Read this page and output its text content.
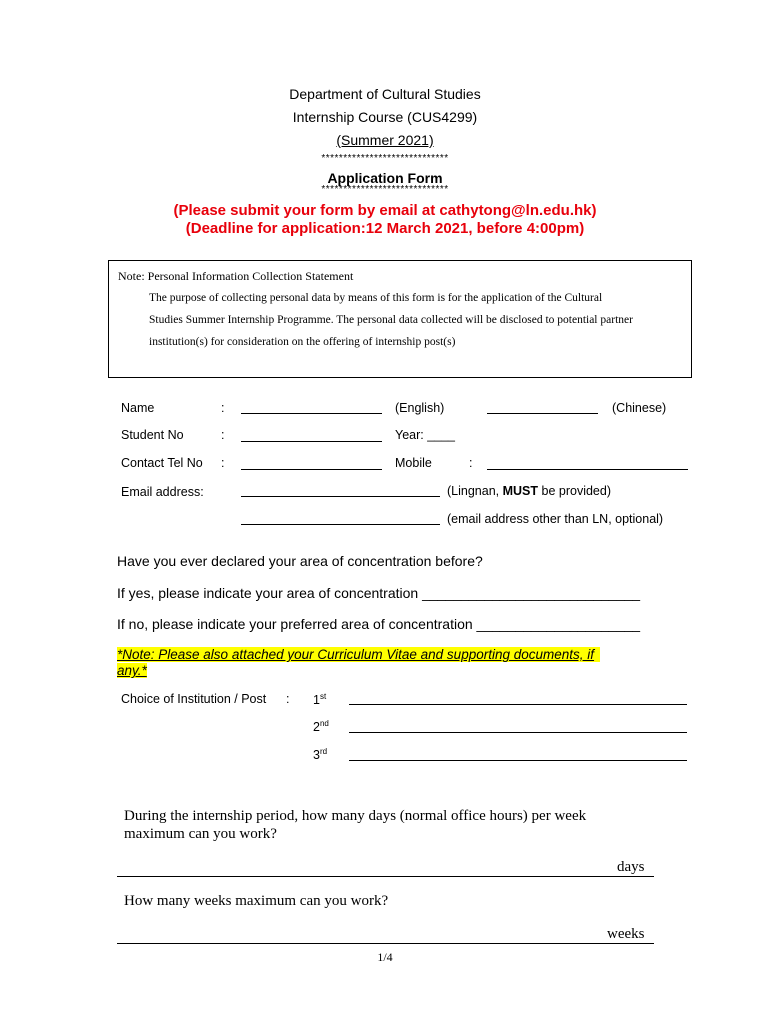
Department of Cultural Studies
Internship Course (CUS4299)
(Summer 2021)
*****************************
Application Form
*****************************
(Please submit your form by email at cathytong@ln.edu.hk)
(Deadline for application:12 March 2021, before 4:00pm)
Note: Personal Information Collection Statement
The purpose of collecting personal data by means of this form is for the application of the Cultural
Studies Summer Internship Programme. The personal data collected will be disclosed to potential partner
institution(s) for consideration on the offering of internship post(s)
Name	:	(English)	(Chinese)
Student No	:	Year: ____
Contact Tel No :	Mobile	:
Email address:	(Lingnan, MUST be provided)
(email address other than LN, optional)
Have you ever declared your area of concentration before?
If yes, please indicate your area of concentration ____________________________
If no, please indicate your preferred area of concentration _____________________
*Note: Please also attached your Curriculum Vitae and supporting documents, if
any.*
Choice of Institution / Post : 1st
2nd
3rd
During the internship period, how many days (normal office hours) per week
maximum can you work?
days
How many weeks maximum can you work?
weeks
1/4
